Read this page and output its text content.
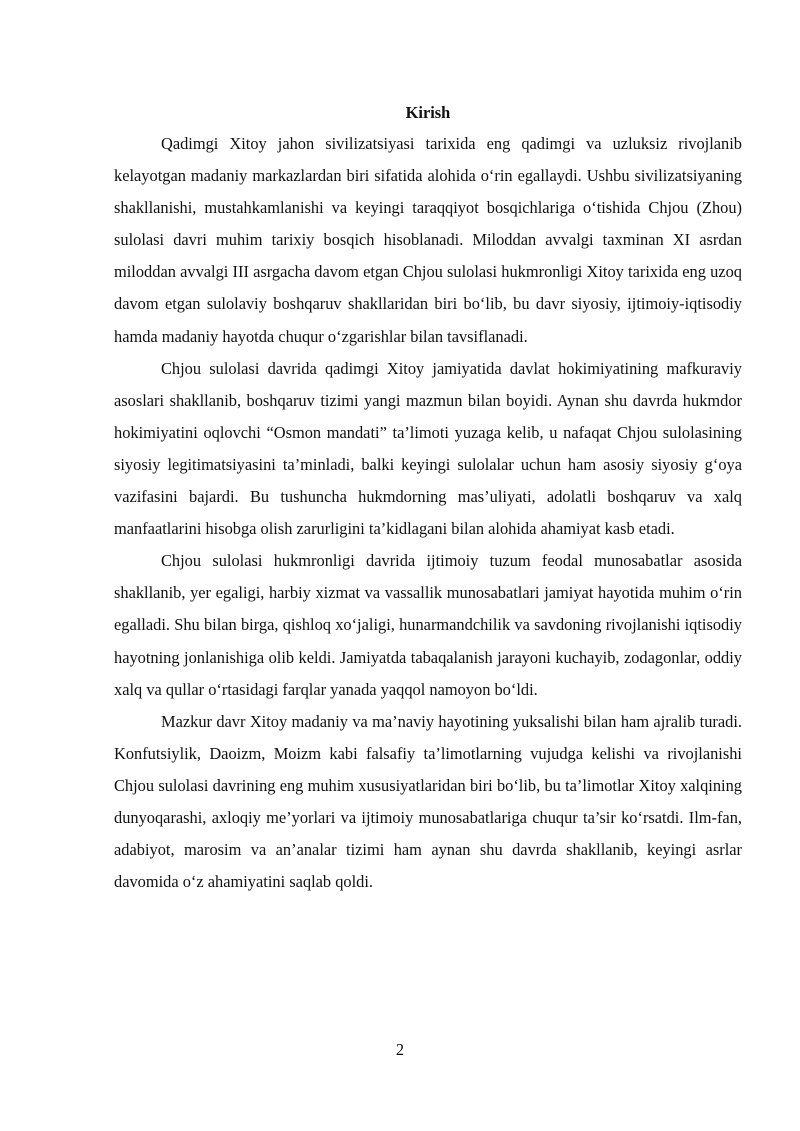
Kirish

Qadimgi Xitoy jahon sivilizatsiyasi tarixida eng qadimgi va uzluksiz rivojlanib kelayotgan madaniy markazlardan biri sifatida alohida o‘rin egallaydi. Ushbu sivilizatsiyaning shakllanishi, mustahkamlanishi va keyingi taraqqiyot bosqichlariga o‘tishida Chjou (Zhou) sulolasi davri muhim tarixiy bosqich hisoblanadi. Miloddan avvalgi taxminan XI asrdan miloddan avvalgi III asrgacha davom etgan Chjou sulolasi hukmronligi Xitoy tarixida eng uzoq davom etgan sulolaviy boshqaruv shakllaridan biri bo‘lib, bu davr siyosiy, ijtimoiy-iqtisodiy hamda madaniy hayotda chuqur o‘zgarishlar bilan tavsiflanadi.

Chjou sulolasi davrida qadimgi Xitoy jamiyatida davlat hokimiyatining mafkuraviy asoslari shakllanib, boshqaruv tizimi yangi mazmun bilan boyidi. Aynan shu davrda hukmdor hokimiyatini oqlovchi “Osmon mandati” ta’limoti yuzaga kelib, u nafaqat Chjou sulolasining siyosiy legitimatsiyasini ta’minladi, balki keyingi sulolalar uchun ham asosiy siyosiy g‘oya vazifasini bajardi. Bu tushuncha hukmdorning mas’uliyati, adolatli boshqaruv va xalq manfaatlarini hisobga olish zarurligini ta’kidlagani bilan alohida ahamiyat kasb etadi.

Chjou sulolasi hukmronligi davrida ijtimoiy tuzum feodal munosabatlar asosida shakllanib, yer egaligi, harbiy xizmat va vassallik munosabatlari jamiyat hayotida muhim o‘rin egalladi. Shu bilan birga, qishloq xo‘jaligi, hunarmandchilik va savdoning rivojlanishi iqtisodiy hayotning jonlanishiga olib keldi. Jamiyatda tabaqalanish jarayoni kuchayib, zodagonlar, oddiy xalq va qullar o‘rtasidagi farqlar yanada yaqqol namoyon bo‘ldi.

Mazkur davr Xitoy madaniy va ma’naviy hayotining yuksalishi bilan ham ajralib turadi. Konfutsiylik, Daoizm, Moizm kabi falsafiy ta’limotlarning vujudga kelishi va rivojlanishi Chjou sulolasi davrining eng muhim xususiyatlaridan biri bo‘lib, bu ta’limotlar Xitoy xalqining dunyoqarashi, axloqiy me’yorlari va ijtimoiy munosabatlariga chuqur ta’sir ko‘rsatdi. Ilm-fan, adabiyot, marosim va an’analar tizimi ham aynan shu davrda shakllanib, keyingi asrlar davomida o‘z ahamiyatini saqlab qoldi.

2
